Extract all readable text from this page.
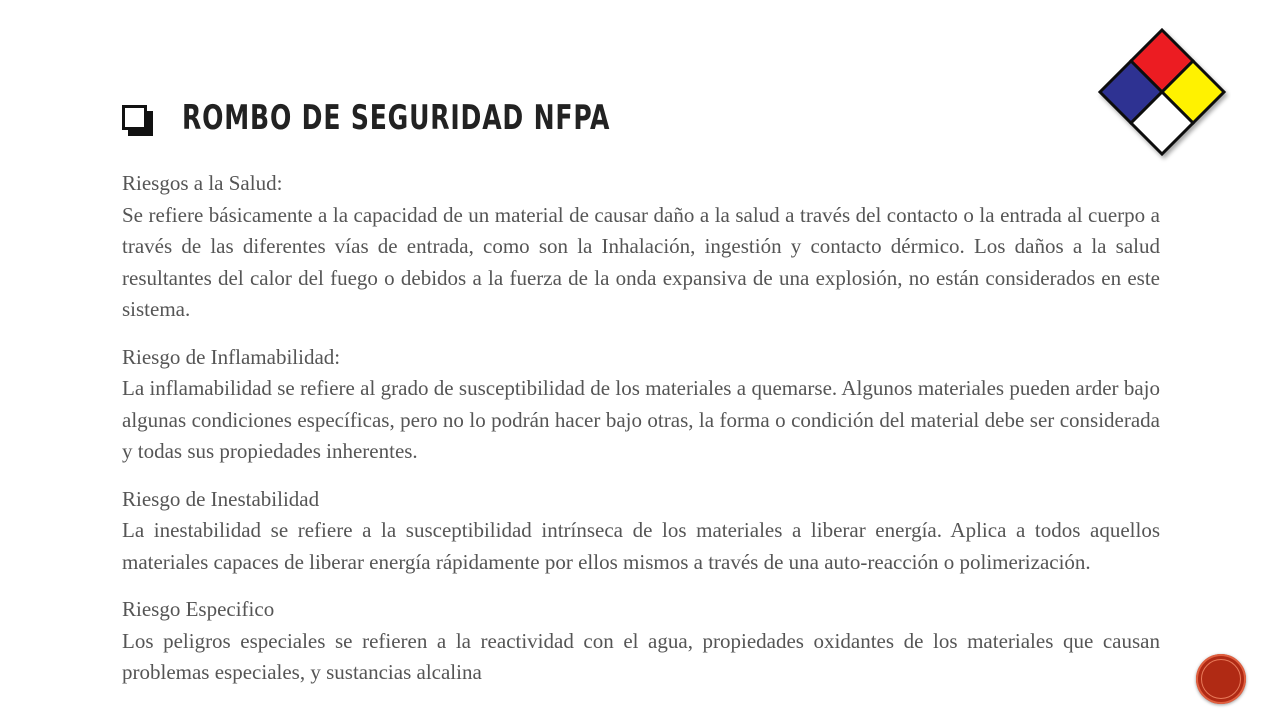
ROMBO DE SEGURIDAD NFPA
Riesgos a la Salud:
Se refiere básicamente a la capacidad de un material de causar daño a la salud a través del contacto o la entrada al cuerpo a través de las diferentes vías de entrada, como son la Inhalación, ingestión y contacto dérmico. Los daños a la salud resultantes del calor del fuego o debidos a la fuerza de la onda expansiva de una explosión, no están considerados en este sistema.
Riesgo de Inflamabilidad:
La inflamabilidad se refiere al grado de susceptibilidad de los materiales a quemarse. Algunos materiales pueden arder bajo algunas condiciones específicas, pero no lo podrán hacer bajo otras, la forma o condición del material debe ser considerada y todas sus propiedades inherentes.
Riesgo de Inestabilidad
La inestabilidad se refiere a la susceptibilidad intrínseca de los materiales a liberar energía. Aplica a todos aquellos materiales capaces de liberar energía rápidamente por ellos mismos a través de una auto-reacción o polimerización.
Riesgo Especifico
Los peligros especiales se refieren a la reactividad con el agua, propiedades oxidantes de los materiales que causan problemas especiales, y sustancias alcalina
